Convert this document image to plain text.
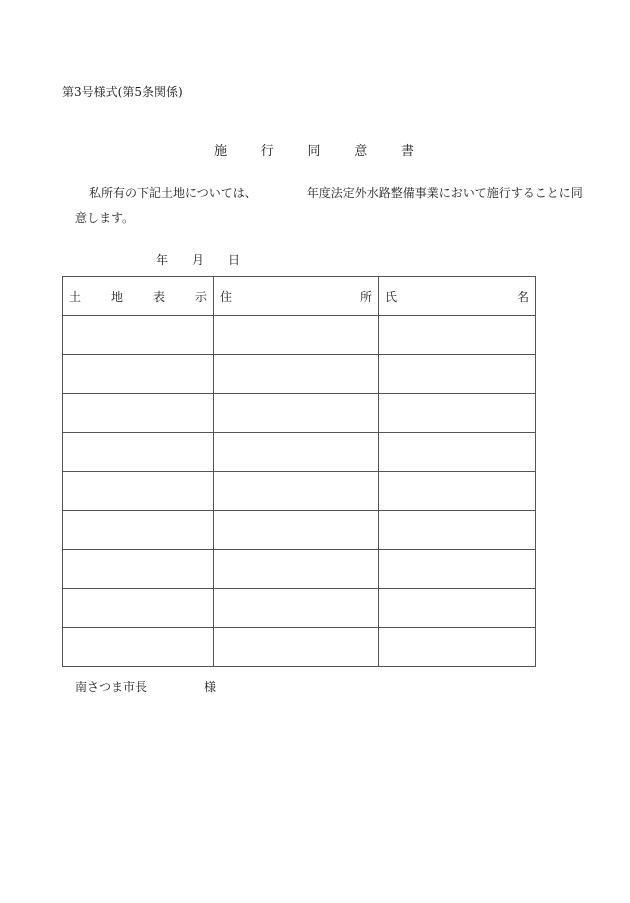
第3号様式(第5条関係)
施	行	同	意	書
私所有の下記土地については、	年度法定外水路整備事業において施行することに同
意します。
年 月 日
土 地 表 示	住 所	氏 名

南さつま市長	様
